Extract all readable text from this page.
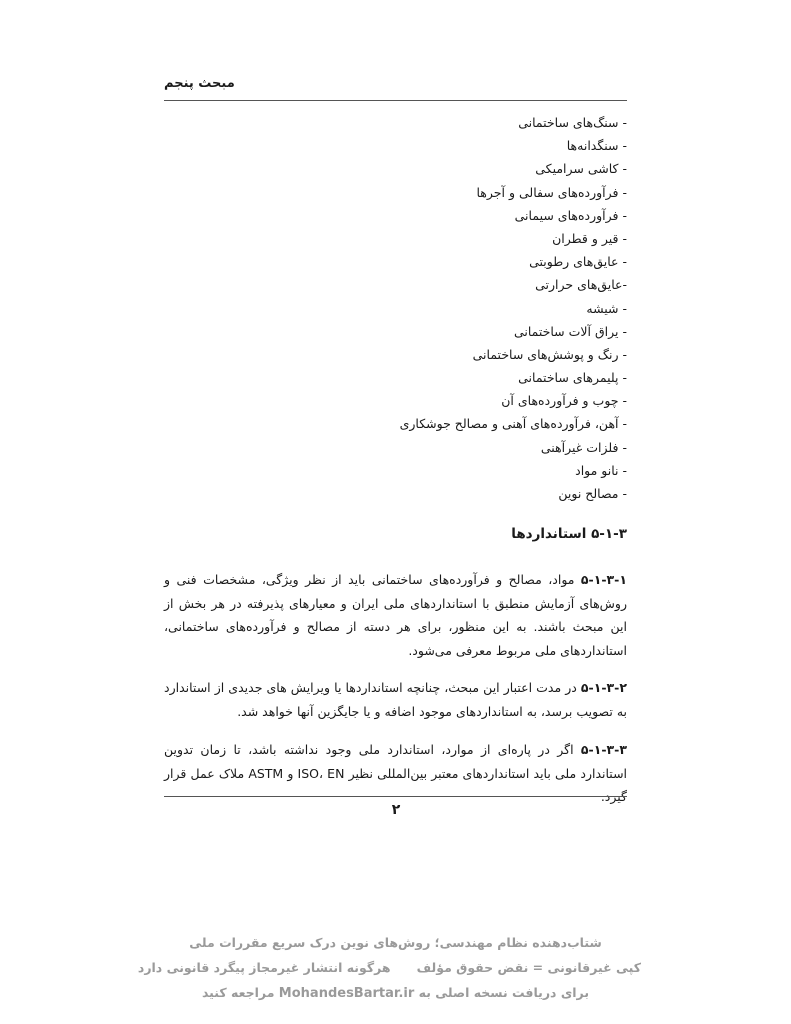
مبحث پنجم
- سنگ‌های ساختمانی
- سنگدانه‌ها
- کاشی سرامیکی
- فرآورده‌های سفالی و آجرها
- فرآورده‌های سیمانی
- قیر و قطران
- عایق‌های رطوبتی
-عایق‌های حرارتی
- شیشه
- یراق آلات ساختمانی
- رنگ و پوشش‌های ساختمانی
- پلیمرهای ساختمانی
- چوب و فرآورده‌های آن
- آهن، فرآورده‌های آهنی و مصالح جوشکاری
- فلزات غیرآهنی
- نانو مواد
- مصالح نوین
۵-۱-۳ استانداردها

۵-۱-۳-۱ مواد، مصالح و فرآورده‌های ساختمانی باید از نظر ویژگی، مشخصات فنی و روش‌های آزمایش منطبق با استانداردهای ملی ایران و معیارهای پذیرفته در هر بخش از این مبحث باشند. به این منظور، برای هر دسته از مصالح و فرآورده‌های ساختمانی، استانداردهای ملی مربوط معرفی می‌شود.

۵-۱-۳-۲ در مدت اعتبار این مبحث، چنانچه استانداردها یا ویرایش های جدیدی از استاندارد به تصویب برسد، به استانداردهای موجود اضافه و یا جایگزین آنها خواهد شد.

۵-۱-۳-۳ اگر در پاره‌ای از موارد، استاندارد ملی وجود نداشته باشد، تا زمان تدوین استاندارد ملی باید استانداردهای معتبر بین‌المللی نظیر ISO، EN و ASTM ملاک عمل قرار گیرد.

۲
شتاب‌دهنده نظام مهندسی؛ روش‌های نوین درک سریع مقررات ملی
کپی غیرقانونی = نقض حقوق مؤلف      هرگونه انتشار غیرمجاز پیگرد قانونی دارد
برای دریافت نسخه اصلی به MohandesBartar.ir مراجعه کنید
